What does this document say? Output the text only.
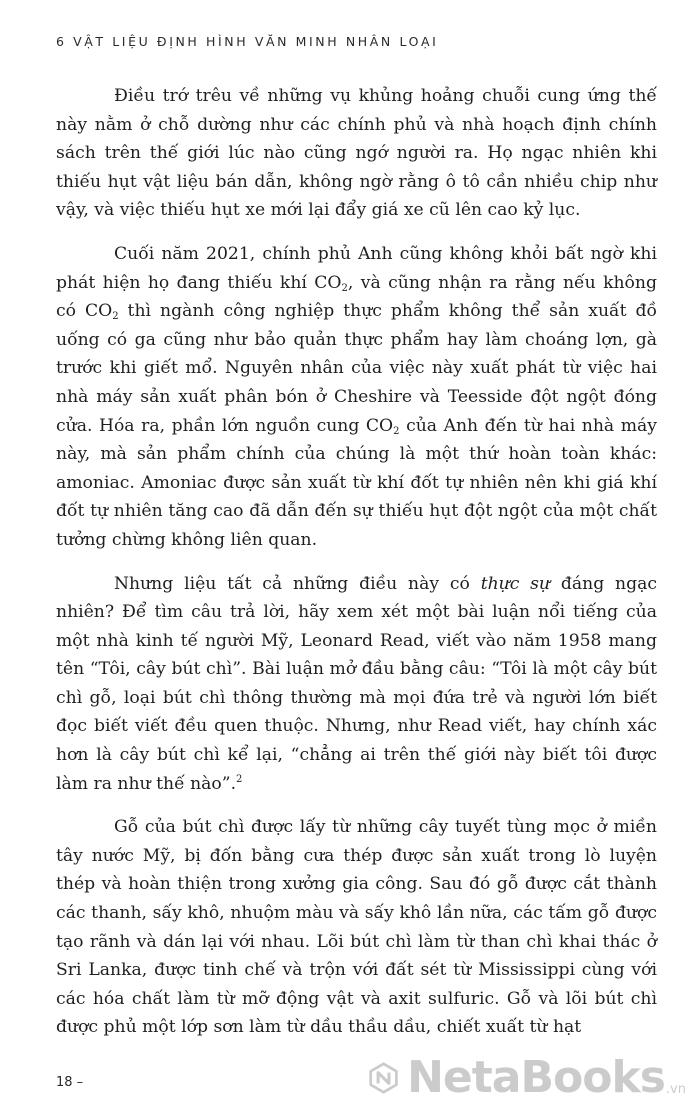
6 VẬT LIỆU ĐỊNH HÌNH VĂN MINH NHÂN LOẠI

Điều trớ trêu về những vụ khủng hoảng chuỗi cung ứng thế này nằm ở chỗ dường như các chính phủ và nhà hoạch định chính sách trên thế giới lúc nào cũng ngớ người ra. Họ ngạc nhiên khi thiếu hụt vật liệu bán dẫn, không ngờ rằng ô tô cần nhiều chip như vậy, và việc thiếu hụt xe mới lại đẩy giá xe cũ lên cao kỷ lục.

Cuối năm 2021, chính phủ Anh cũng không khỏi bất ngờ khi phát hiện họ đang thiếu khí $CO_2$, và cũng nhận ra rằng nếu không có $CO_2$ thì ngành công nghiệp thực phẩm không thể sản xuất đồ uống có ga cũng như bảo quản thực phẩm hay làm choáng lợn, gà trước khi giết mổ. Nguyên nhân của việc này xuất phát từ việc hai nhà máy sản xuất phân bón ở Cheshire và Teesside đột ngột đóng cửa. Hóa ra, phần lớn nguồn cung $CO_2$ của Anh đến từ hai nhà máy này, mà sản phẩm chính của chúng là một thứ hoàn toàn khác: amoniac. Amoniac được sản xuất từ khí đốt tự nhiên nên khi giá khí đốt tự nhiên tăng cao đã dẫn đến sự thiếu hụt đột ngột của một chất tưởng chừng không liên quan.

Nhưng liệu tất cả những điều này có thực sự đáng ngạc nhiên? Để tìm câu trả lời, hãy xem xét một bài luận nổi tiếng của một nhà kinh tế người Mỹ, Leonard Read, viết vào năm 1958 mang tên “Tôi, cây bút chì”. Bài luận mở đầu bằng câu: “Tôi là một cây bút chì gỗ, loại bút chì thông thường mà mọi đứa trẻ và người lớn biết đọc biết viết đều quen thuộc. Nhưng, như Read viết, hay chính xác hơn là cây bút chì kể lại, “chẳng ai trên thế giới này biết tôi được làm ra như thế nào”.$^2$

Gỗ của bút chì được lấy từ những cây tuyết tùng mọc ở miền tây nước Mỹ, bị đốn bằng cưa thép được sản xuất trong lò luyện thép và hoàn thiện trong xưởng gia công. Sau đó gỗ được cắt thành các thanh, sấy khô, nhuộm màu và sấy khô lần nữa, các tấm gỗ được tạo rãnh và dán lại với nhau. Lõi bút chì làm từ than chì khai thác ở Sri Lanka, được tinh chế và trộn với đất sét từ Mississippi cùng với các hóa chất làm từ mỡ động vật và axit sulfuric. Gỗ và lõi bút chì được phủ một lớp sơn làm từ dầu thầu dầu, chiết xuất từ hạt

18 –	NetaBooks .vn
